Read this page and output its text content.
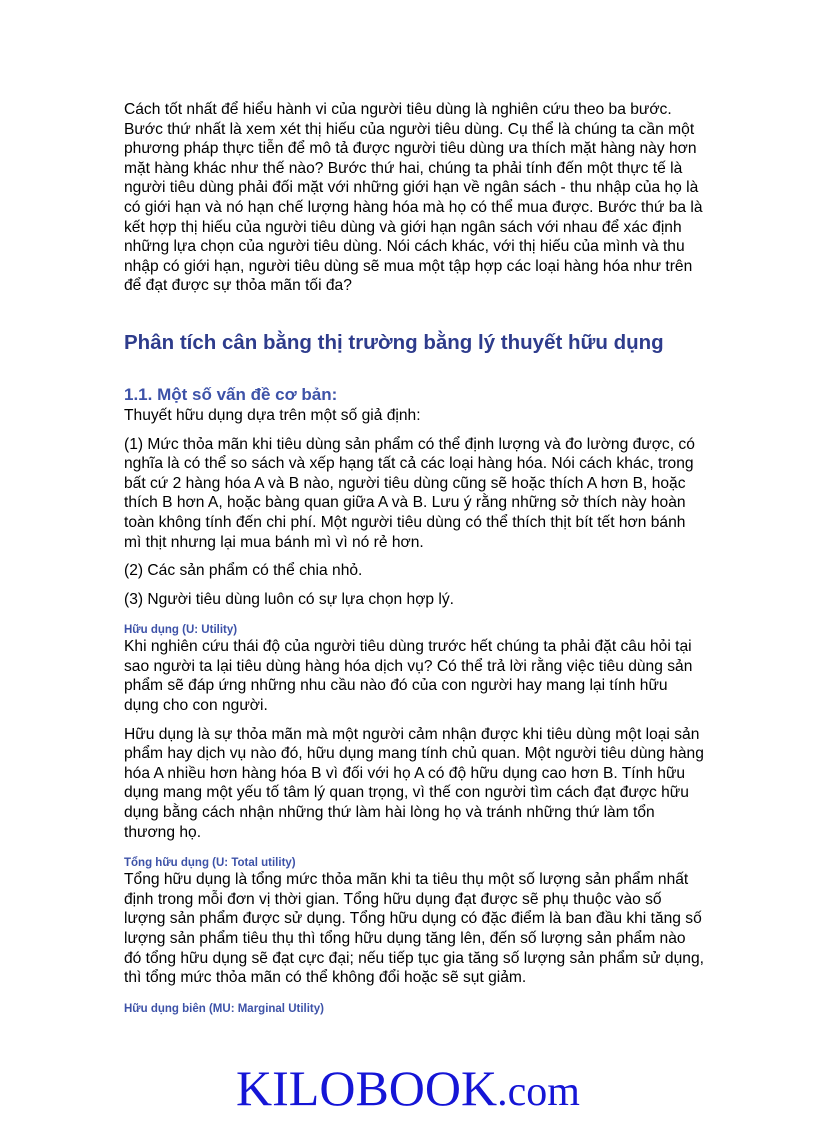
Cách tốt nhất để hiểu hành vi của người tiêu dùng là nghiên cứu theo ba bước. Bước thứ nhất là xem xét thị hiếu của người tiêu dùng. Cụ thể là chúng ta cần một phương pháp thực tiễn để mô tả được người tiêu dùng ưa thích mặt hàng này hơn mặt hàng khác như thế nào? Bước thứ hai, chúng ta phải tính đến một thực tế là người tiêu dùng phải đối mặt với những giới hạn về ngân sách - thu nhập của họ là có giới hạn và nó hạn chế lượng hàng hóa mà họ có thể mua được. Bước thứ ba là kết hợp thị hiếu của người tiêu dùng và giới hạn ngân sách với nhau để xác định những lựa chọn của người tiêu dùng. Nói cách khác, với thị hiếu của mình và thu nhập có giới hạn, người tiêu dùng sẽ mua một tập hợp các loại hàng hóa như trên để đạt được sự thỏa mãn tối đa?

Phân tích cân bằng thị trường bằng lý thuyết hữu dụng
1.1. Một số vấn đề cơ bản:

Thuyết hữu dụng dựa trên một số giả định:

(1) Mức thỏa mãn khi tiêu dùng sản phẩm có thể định lượng và đo lường được, có nghĩa là có thể so sách và xếp hạng tất cả các loại hàng hóa. Nói cách khác, trong bất cứ 2 hàng hóa A và B nào, người tiêu dùng cũng sẽ hoặc thích A hơn B, hoặc thích B hơn A, hoặc bàng quan giữa A và B. Lưu ý rằng những sở thích này hoàn toàn không tính đến chi phí. Một người tiêu dùng có thể thích thịt bít tết hơn bánh mì thịt nhưng lại mua bánh mì vì nó rẻ hơn.

(2) Các sản phẩm có thể chia nhỏ.

(3) Người tiêu dùng luôn có sự lựa chọn hợp lý.

Hữu dụng (U: Utility)

Khi nghiên cứu thái độ của người tiêu dùng trước hết chúng ta phải đặt câu hỏi tại sao người ta lại tiêu dùng hàng hóa dịch vụ? Có thể trả lời rằng việc tiêu dùng sản phẩm sẽ đáp ứng những nhu cầu nào đó của con người hay mang lại tính hữu dụng cho con người.

Hữu dụng là sự thỏa mãn mà một người cảm nhận được khi tiêu dùng một loại sản phẩm hay dịch vụ nào đó, hữu dụng mang tính chủ quan. Một người tiêu dùng hàng hóa A nhiều hơn hàng hóa B vì đối với họ A có độ hữu dụng cao hơn B. Tính hữu dụng mang một yếu tố tâm lý quan trọng, vì thế con người tìm cách đạt được hữu dụng bằng cách nhận những thứ làm hài lòng họ và tránh những thứ làm tổn thương họ.

Tổng hữu dụng (U: Total utility)

Tổng hữu dụng là tổng mức thỏa mãn khi ta tiêu thụ một số lượng sản phẩm nhất định trong mỗi đơn vị thời gian. Tổng hữu dụng đạt được sẽ phụ thuộc vào số lượng sản phẩm được sử dụng. Tổng hữu dụng có đặc điểm là ban đầu khi tăng số lượng sản phẩm tiêu thụ thì tổng hữu dụng tăng lên, đến số lượng sản phẩm nào đó tổng hữu dụng sẽ đạt cực đại; nếu tiếp tục gia tăng số lượng sản phẩm sử dụng, thì tổng mức thỏa mãn có thể không đổi hoặc sẽ sụt giảm.

Hữu dụng biên (MU: Marginal Utility)
KILOBOOK.com
